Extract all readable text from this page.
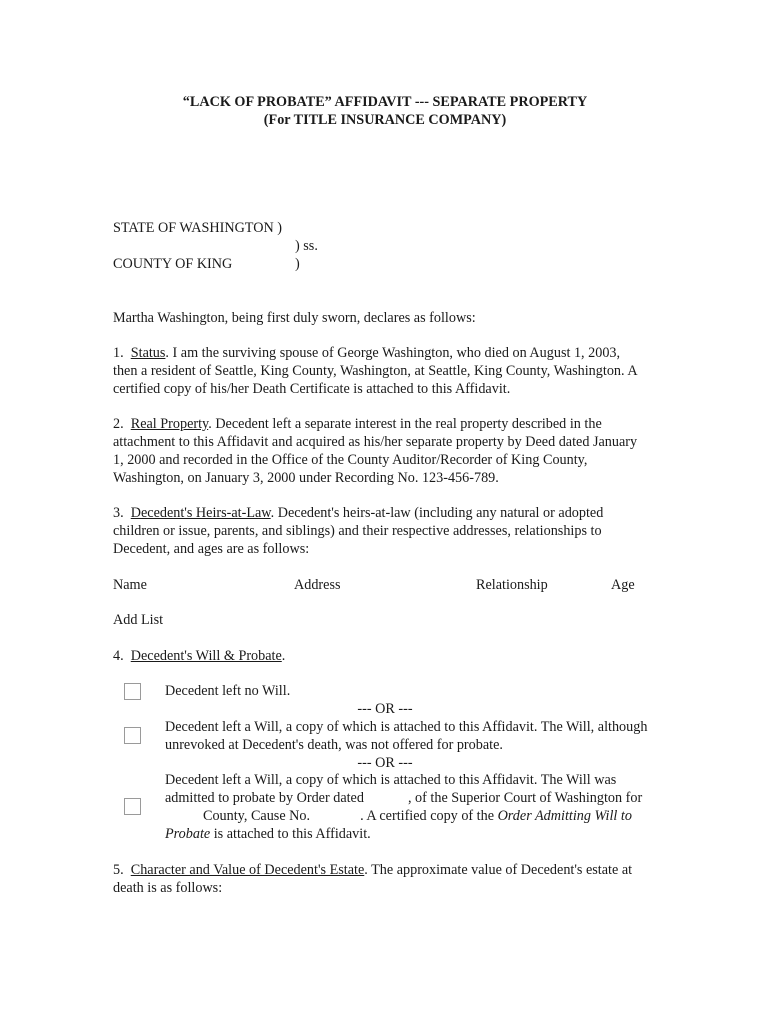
“LACK OF PROBATE” AFFIDAVIT --- SEPARATE PROPERTY
(For TITLE INSURANCE COMPANY)
STATE OF WASHINGTON )
) ss.
COUNTY OF KING	)
Martha Washington, being first duly sworn, declares as follows:
1. Status. I am the surviving spouse of George Washington, who died on August 1, 2003, then a resident of Seattle, King County, Washington, at Seattle, King County, Washington. A certified copy of his/her Death Certificate is attached to this Affidavit.
2. Real Property. Decedent left a separate interest in the real property described in the attachment to this Affidavit and acquired as his/her separate property by Deed dated January 1, 2000 and recorded in the Office of the County Auditor/Recorder of King County, Washington, on January 3, 2000 under Recording No. 123-456-789.
3. Decedent's Heirs-at-Law. Decedent's heirs-at-law (including any natural or adopted children or issue, parents, and siblings) and their respective addresses, relationships to Decedent, and ages are as follows:
Name	Address	Relationship	Age
Add List
4. Decedent's Will & Probate.
Decedent left no Will.
--- OR ---
Decedent left a Will, a copy of which is attached to this Affidavit. The Will, although unrevoked at Decedent's death, was not offered for probate.
--- OR ---
Decedent left a Will, a copy of which is attached to this Affidavit. The Will was admitted to probate by Order dated	, of the Superior Court of Washington forCounty, Cause No.	. A certified copy of the Order Admitting Will to Probate is attached to this Affidavit.
5. Character and Value of Decedent's Estate. The approximate value of Decedent's estate at death is as follows:
